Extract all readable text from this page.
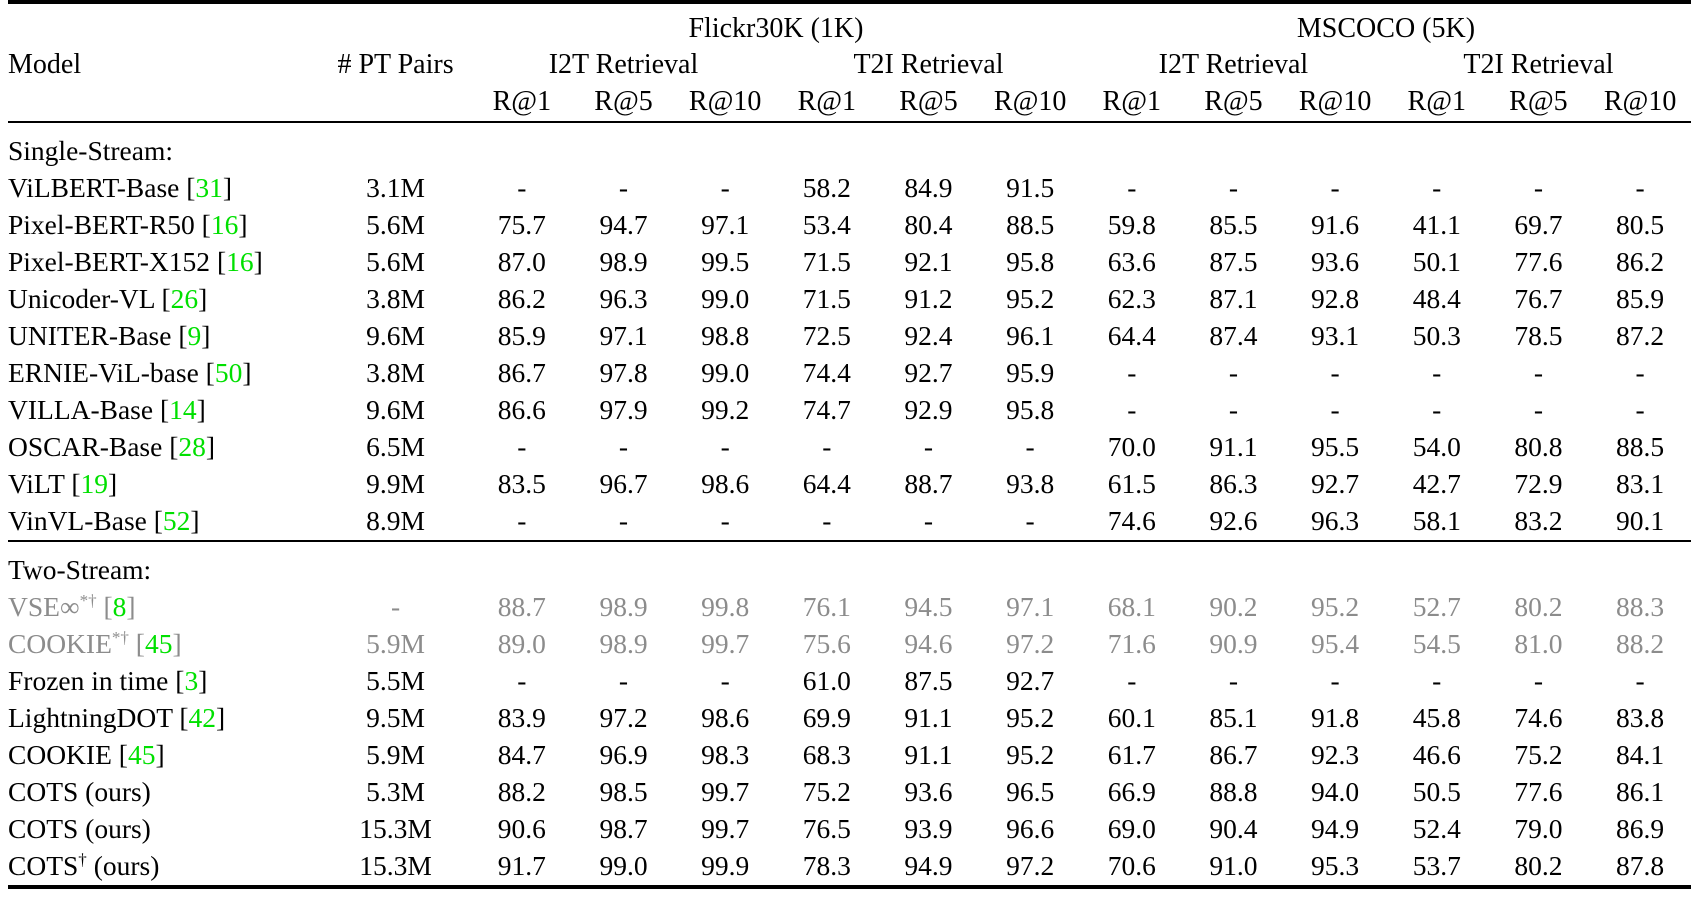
		Flickr30K (1K)						MSCOCO (5K)					
Model	# PT Pairs	I2T Retrieval			T2I Retrieval			I2T Retrieval			T2I Retrieval		
		R@1	R@5	R@10	R@1	R@5	R@10	R@1	R@5	R@10	R@1	R@5	R@10

Single-Stream:													
ViLBERT-Base [31]	3.1M	-	-	-	58.2	84.9	91.5	-	-	-	-	-	-
Pixel-BERT-R50 [16]	5.6M	75.7	94.7	97.1	53.4	80.4	88.5	59.8	85.5	91.6	41.1	69.7	80.5
Pixel-BERT-X152 [16]	5.6M	87.0	98.9	99.5	71.5	92.1	95.8	63.6	87.5	93.6	50.1	77.6	86.2
Unicoder-VL [26]	3.8M	86.2	96.3	99.0	71.5	91.2	95.2	62.3	87.1	92.8	48.4	76.7	85.9
UNITER-Base [9]	9.6M	85.9	97.1	98.8	72.5	92.4	96.1	64.4	87.4	93.1	50.3	78.5	87.2
ERNIE-ViL-base [50]	3.8M	86.7	97.8	99.0	74.4	92.7	95.9	-	-	-	-	-	-
VILLA-Base [14]	9.6M	86.6	97.9	99.2	74.7	92.9	95.8	-	-	-	-	-	-
OSCAR-Base [28]	6.5M	-	-	-	-	-	-	70.0	91.1	95.5	54.0	80.8	88.5
ViLT [19]	9.9M	83.5	96.7	98.6	64.4	88.7	93.8	61.5	86.3	92.7	42.7	72.9	83.1
VinVL-Base [52]	8.9M	-	-	-	-	-	-	74.6	92.6	96.3	58.1	83.2	90.1

Two-Stream:													
VSE∞*† [8]	-	88.7	98.9	99.8	76.1	94.5	97.1	68.1	90.2	95.2	52.7	80.2	88.3
COOKIE*† [45]	5.9M	89.0	98.9	99.7	75.6	94.6	97.2	71.6	90.9	95.4	54.5	81.0	88.2
Frozen in time [3]	5.5M	-	-	-	61.0	87.5	92.7	-	-	-	-	-	-
LightningDOT [42]	9.5M	83.9	97.2	98.6	69.9	91.1	95.2	60.1	85.1	91.8	45.8	74.6	83.8
COOKIE [45]	5.9M	84.7	96.9	98.3	68.3	91.1	95.2	61.7	86.7	92.3	46.6	75.2	84.1
COTS (ours)	5.3M	88.2	98.5	99.7	75.2	93.6	96.5	66.9	88.8	94.0	50.5	77.6	86.1
COTS (ours)	15.3M	90.6	98.7	99.7	76.5	93.9	96.6	69.0	90.4	94.9	52.4	79.0	86.9
COTS† (ours)	15.3M	91.7	99.0	99.9	78.3	94.9	97.2	70.6	91.0	95.3	53.7	80.2	87.8
